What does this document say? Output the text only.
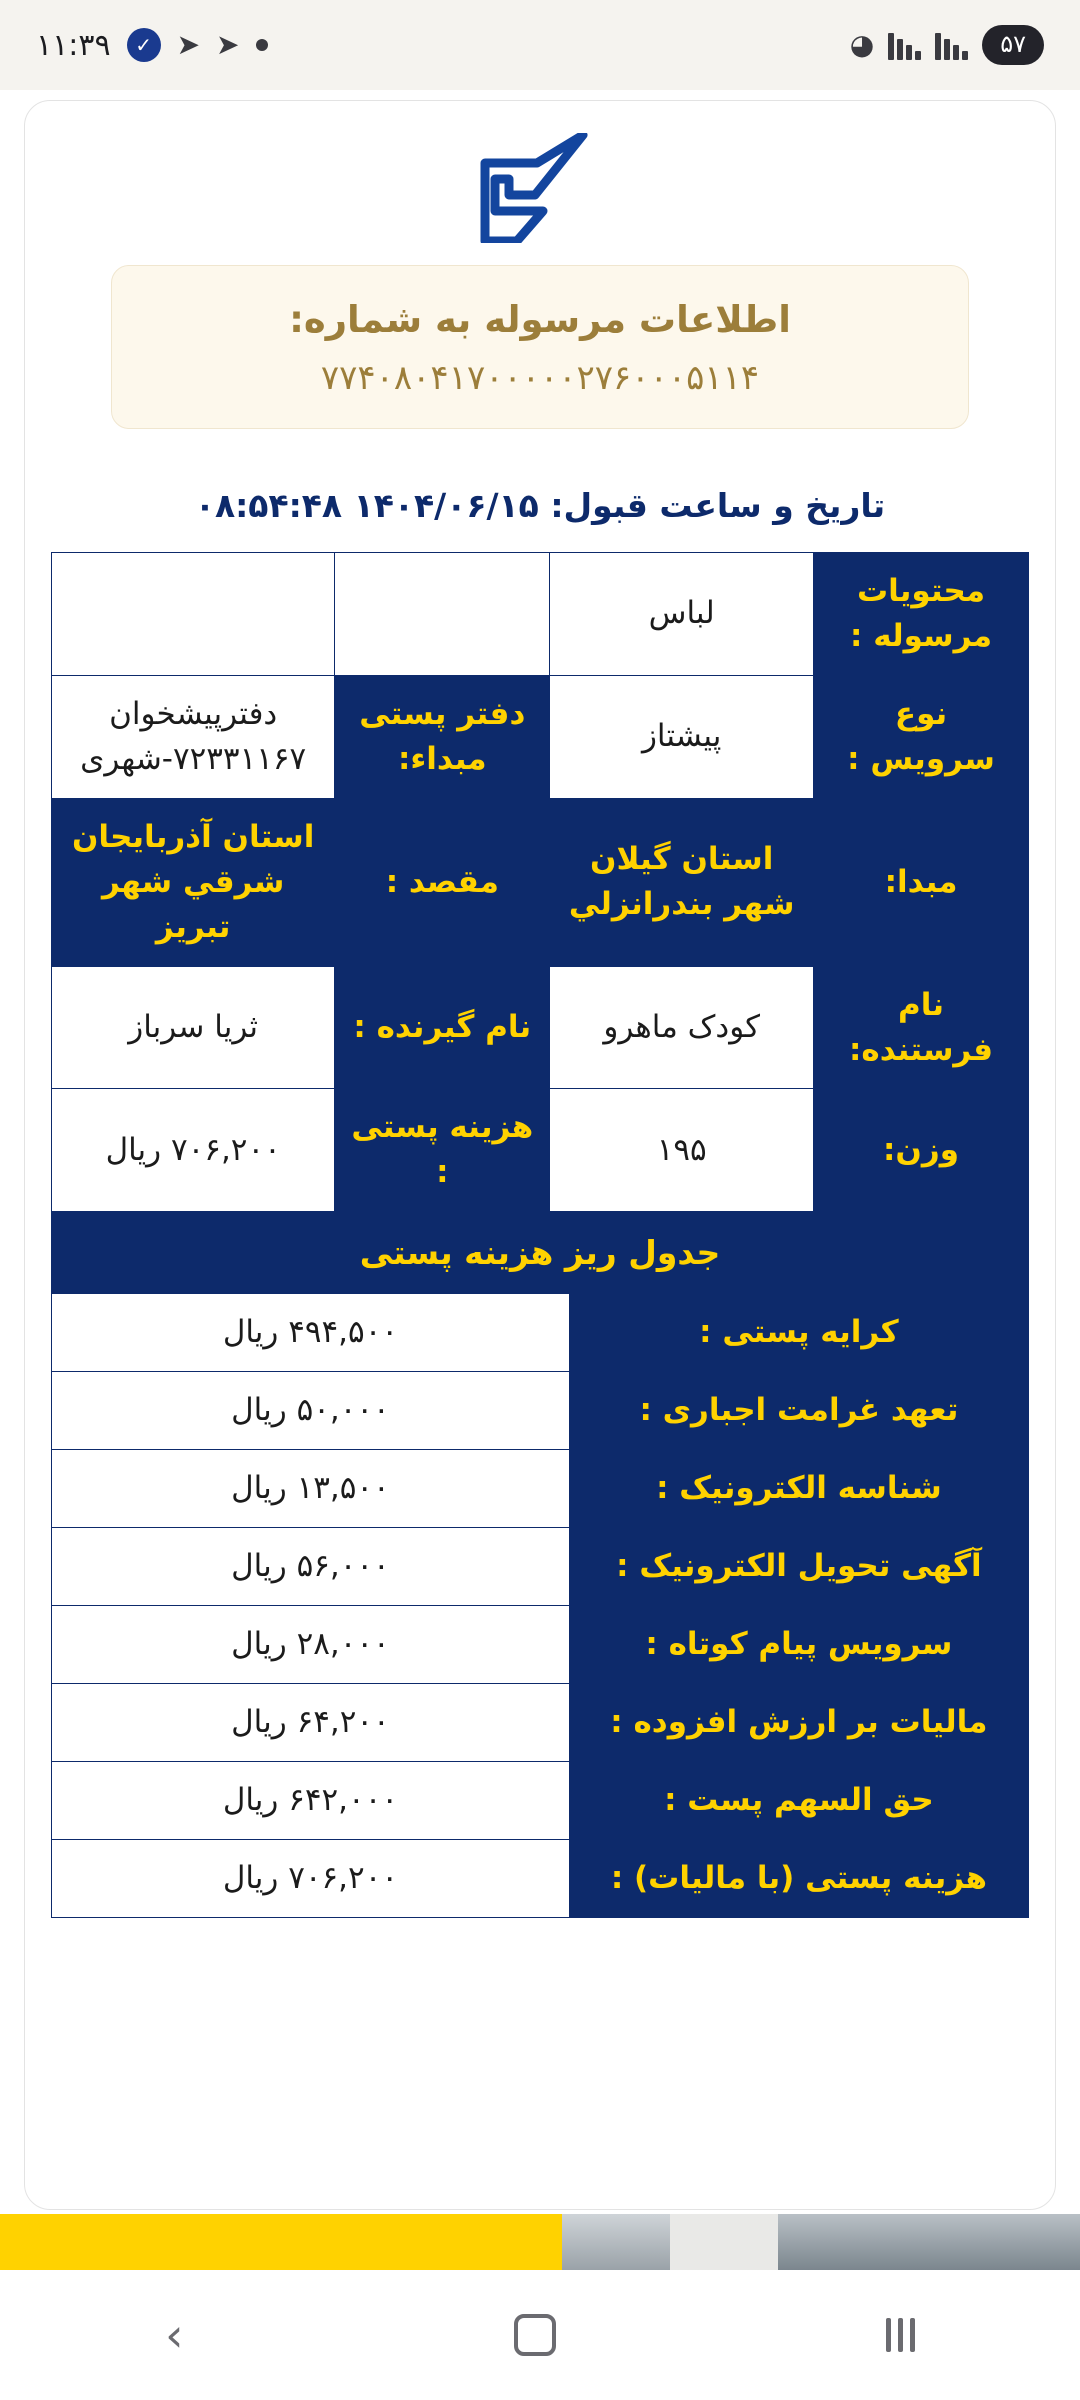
۵۷
◕
➤
➤
✓
۱۱:۳۹
اطلاعات مرسوله به شماره:
۷۷۴۰۸۰۴۱۷۰۰۰۰۰۲۷۶۰۰۰۵۱۱۴
تاریخ و ساعت قبول: ۱۴۰۴/۰۶/۱۵ ۰۸:۵۴:۴۸
محتویات مرسوله :	لباس		
نوع سرویس :	پیشتاز	دفتر پستی مبداء:	دفترپیشخوان ۷۲۳۳۱۱۶۷-شهری
مبدا:	استان گیلان شهر بندرانزلي	مقصد :	استان آذربایجان شرقي شهر تبریز
نام فرستنده:	کودک ماهرو	نام گیرنده :	ثریا سرباز
وزن:	۱۹۵	هزینه پستی :	۷۰۶,۲۰۰ ریال
جدول ریز هزینه پستی
کرایه پستی :	۴۹۴,۵۰۰ ریال
تعهد غرامت اجباری :	۵۰,۰۰۰ ریال
شناسه الکترونیک :	۱۳,۵۰۰ ریال
آگهی تحویل الکترونیک :	۵۶,۰۰۰ ریال
سرویس پیام کوتاه :	۲۸,۰۰۰ ریال
مالیات بر ارزش افزوده :	۶۴,۲۰۰ ریال
حق السهم پست :	۶۴۲,۰۰۰ ریال
هزینه پستی (با مالیات) :	۷۰۶,۲۰۰ ریال
›
